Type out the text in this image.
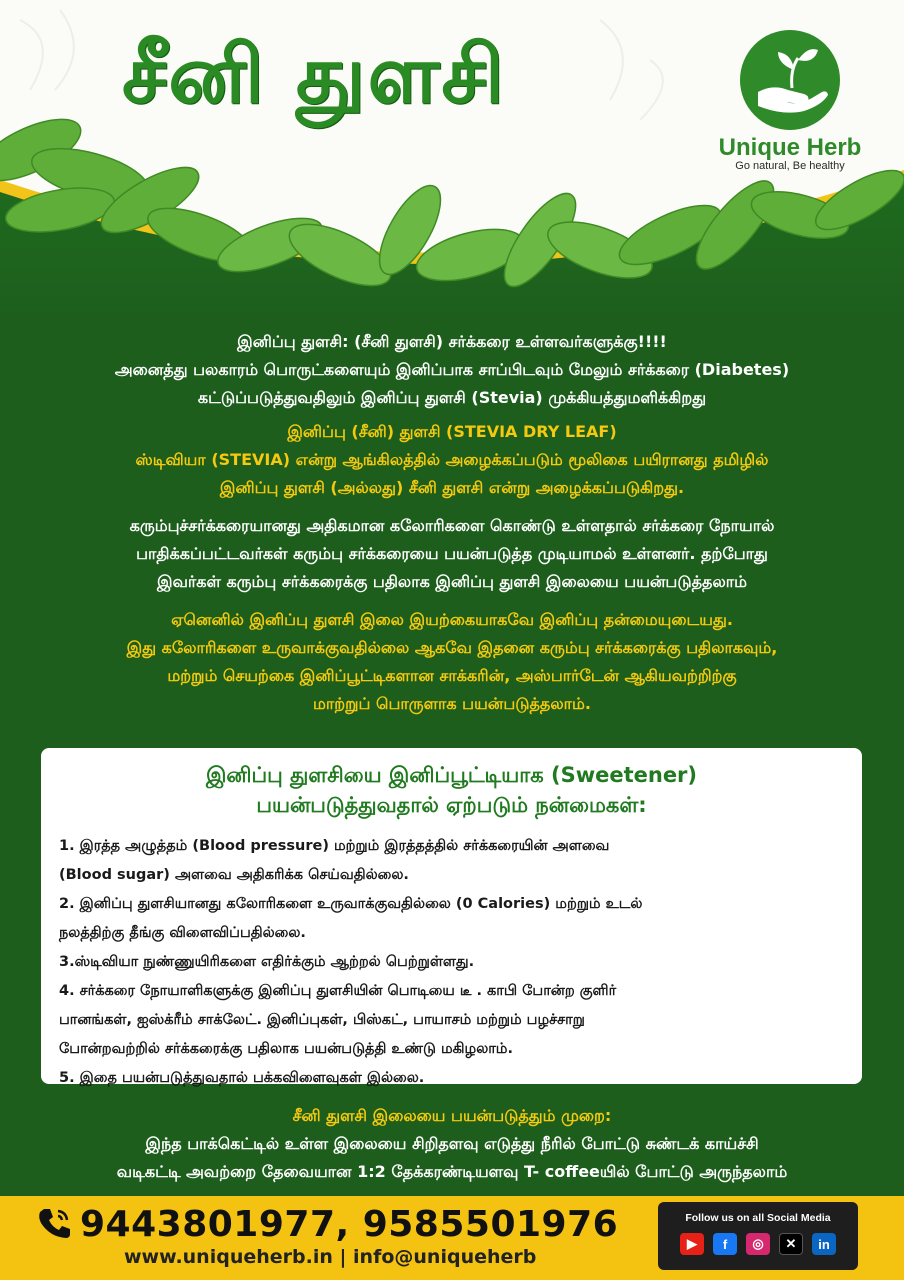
சீனி துளசி
Unique Herb
Go natural, Be healthy
இனிப்பு துளசி: (சீனி துளசி) சர்க்கரை உள்ளவர்களுக்கு!!!!
அனைத்து பலகாரம் பொருட்களையும் இனிப்பாக சாப்பிடவும் மேலும் சர்க்கரை (Diabetes)
கட்டுப்படுத்துவதிலும் இனிப்பு துளசி (Stevia) முக்கியத்துமளிக்கிறது
இனிப்பு (சீனி) துளசி (STEVIA DRY LEAF)
ஸ்டிவியா (STEVIA) என்று ஆங்கிலத்தில் அழைக்கப்படும் மூலிகை பயிரானது தமிழில்
இனிப்பு துளசி (அல்லது) சீனி துளசி என்று அழைக்கப்படுகிறது.
கரும்புச்சர்க்கரையானது அதிகமான கலோரிகளை கொண்டு உள்ளதால் சர்க்கரை நோயால்
பாதிக்கப்பட்டவர்கள் கரும்பு சர்க்கரையை பயன்படுத்த முடியாமல் உள்ளனர். தற்போது
இவர்கள் கரும்பு சர்க்கரைக்கு பதிலாக இனிப்பு துளசி இலையை பயன்படுத்தலாம்
ஏனெனில் இனிப்பு துளசி இலை இயற்கையாகவே இனிப்பு தன்மையுடையது.
இது கலோரிகளை உருவாக்குவதில்லை ஆகவே இதனை கரும்பு சர்க்கரைக்கு பதிலாகவும்,
மற்றும் செயற்கை இனிப்பூட்டிகளான சாக்கரின், அஸ்பார்டேன் ஆகியவற்றிற்கு
மாற்றுப் பொருளாக பயன்படுத்தலாம்.
இனிப்பு துளசியை இனிப்பூட்டியாக (Sweetener)
பயன்படுத்துவதால் ஏற்படும் நன்மைகள்:
1. இரத்த அழுத்தம் (Blood pressure) மற்றும் இரத்தத்தில் சர்க்கரையின் அளவை
(Blood sugar) அளவை அதிகரிக்க செய்வதில்லை.
2. இனிப்பு துளசியானது கலோரிகளை உருவாக்குவதில்லை (0 Calories) மற்றும் உடல்
நலத்திற்கு தீங்கு விளைவிப்பதில்லை.
3.ஸ்டிவியா நுண்ணுயிரிகளை எதிர்க்கும் ஆற்றல் பெற்றுள்ளது.
4. சர்க்கரை நோயாளிகளுக்கு இனிப்பு துளசியின் பொடியை டீ . காபி போன்ற குளிர்
பானங்கள், ஐஸ்க்ரீம் சாக்லேட். இனிப்புகள், பிஸ்கட், பாயாசம் மற்றும் பழச்சாறு
போன்றவற்றில் சர்க்கரைக்கு பதிலாக பயன்படுத்தி உண்டு மகிழலாம்.
5. இதை பயன்படுத்துவதால் பக்கவிளைவுகள் இல்லை.
சீனி துளசி இலையை பயன்படுத்தும் முறை:
இந்த பாக்கெட்டில் உள்ள இலையை சிறிதளவு எடுத்து நீரில் போட்டு சுண்டக் காய்ச்சி
வடிகட்டி அவற்றை தேவையான 1:2 தேக்கரண்டியளவு T- coffeeயில் போட்டு அருந்தலாம்
9443801977, 9585501976
www.uniqueherb.in | info@uniqueherb
Follow us on all Social Media
▶	f	◎	✕	in
